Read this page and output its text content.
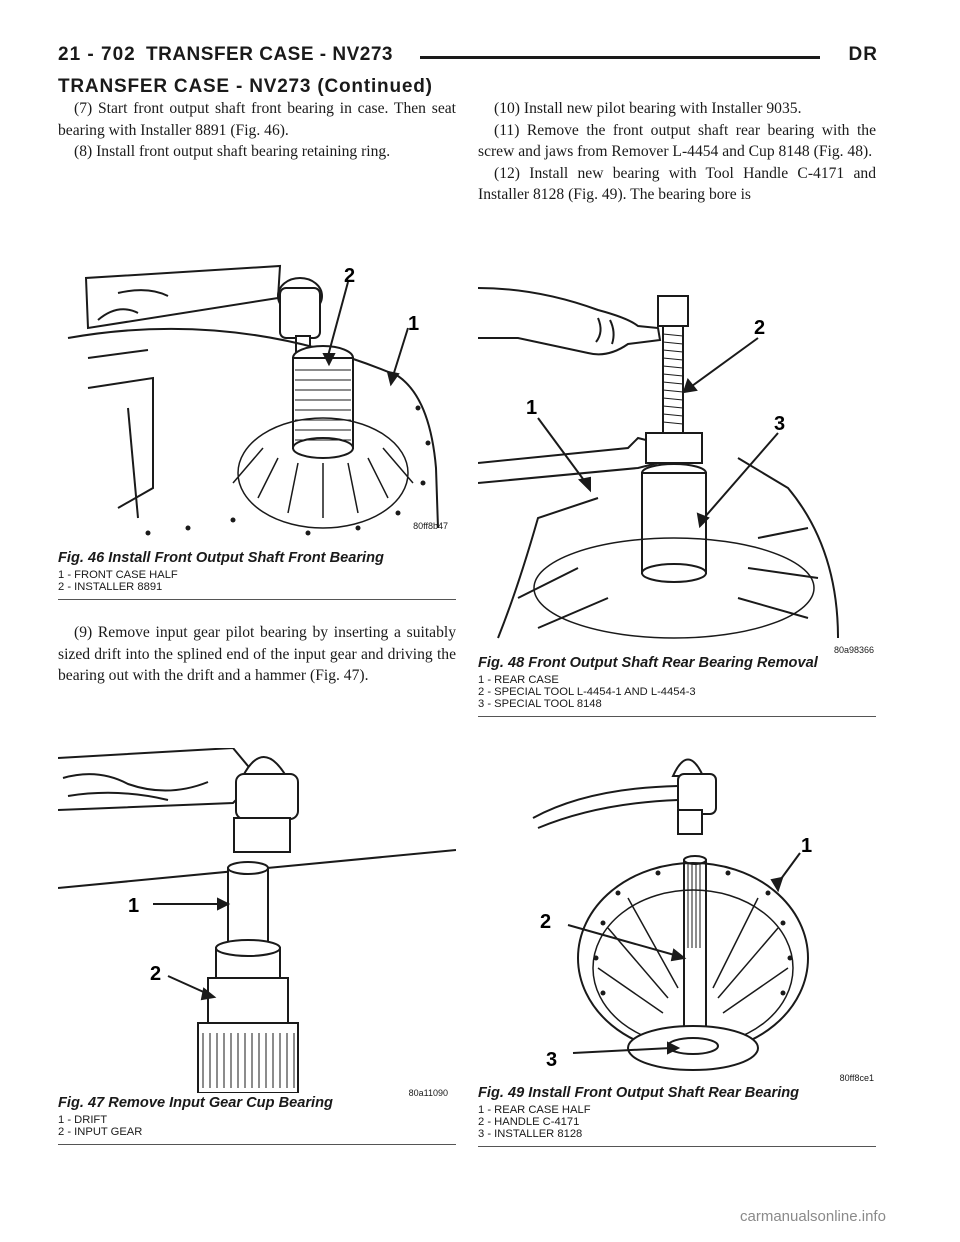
21 - 702 TRANSFER CASE - NV273	DR
TRANSFER CASE - NV273 (Continued)

(7) Start front output shaft front bearing in case. Then seat bearing with Installer 8891 (Fig. 46).

(8) Install front output shaft bearing retaining ring.

2
1
80ff8b47
Fig. 46 Install Front Output Shaft Front Bearing
1 - FRONT CASE HALF
2 - INSTALLER 8891

(9) Remove input gear pilot bearing by inserting a suitably sized drift into the splined end of the input gear and driving the bearing out with the drift and a hammer (Fig. 47).

1
2
80a11090
Fig. 47 Remove Input Gear Cup Bearing
1 - DRIFT
2 - INPUT GEAR

(10) Install new pilot bearing with Installer 9035.

(11) Remove the front output shaft rear bearing with the screw and jaws from Remover L-4454 and Cup 8148 (Fig. 48).

(12) Install new bearing with Tool Handle C-4171 and Installer 8128 (Fig. 49). The bearing bore is

2
1
3
80a98366
Fig. 48 Front Output Shaft Rear Bearing Removal
1 - REAR CASE
2 - SPECIAL TOOL L-4454-1 AND L-4454-3
3 - SPECIAL TOOL 8148
1
2
3
80ff8ce1
Fig. 49 Install Front Output Shaft Rear Bearing
1 - REAR CASE HALF
2 - HANDLE C-4171
3 - INSTALLER 8128
carmanualsonline.info
